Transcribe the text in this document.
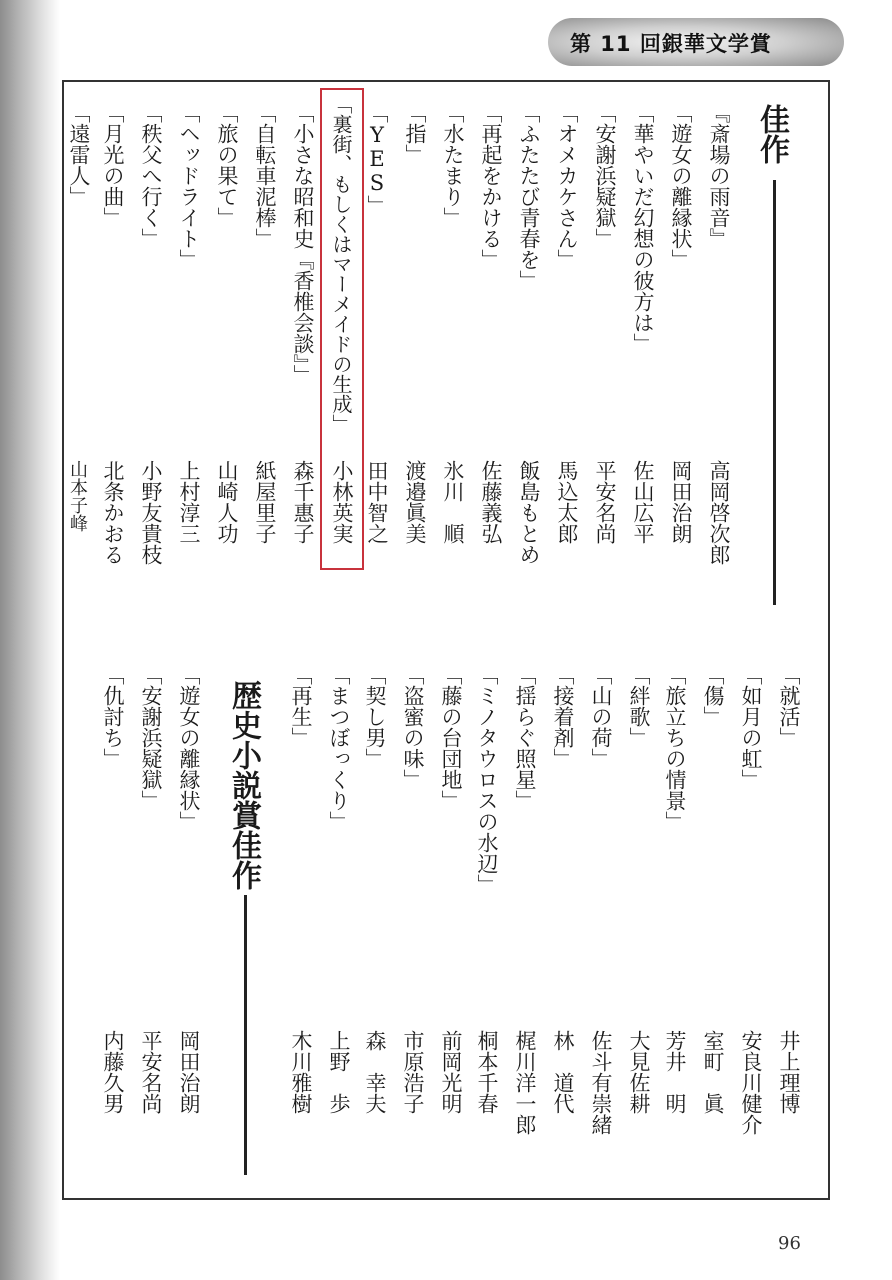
第 11 回銀華文学賞
佳作
『斎場の雨音』
高岡啓次郎
「遊女の離縁状」
岡田治朗
「華やいだ幻想の彼方は」
佐山広平
「安謝浜疑獄」
平安名尚
「オメカケさん」
馬込太郎
「ふたたび青春を」
飯島もとめ
「再起をかける」
佐藤義弘
「水たまり」
氷川　順
「指」
渡邉眞美
「YES」
田中智之
「裏街、もしくはマーメイドの生成」
小林英実
「小さな昭和史『香椎会談』」
森千惠子
「自転車泥棒」
紙屋里子
「旅の果て」
山崎人功
「ヘッドライト」
上村淳三
「秩父へ行く」
小野友貴枝
「月光の曲」
北条かおる
「遠雷人」
山本子峰
「就活」
井上理博
「如月の虹」
安良川健介
「傷」
室町　眞
「旅立ちの情景」
芳井　明
「絆歌」
大見佐耕
「山の荷」
佐斗有崇緒
「接着剤」
林　道代
「揺らぐ照星」
梶川洋一郎
「ミノタウロスの水辺」
桐本千春
「藤の台団地」
前岡光明
「盗蜜の味」
市原浩子
「契し男」
森　幸夫
「まつぼっくり」
上野　歩
「再生」
木川雅樹
歴史小説賞佳作
「遊女の離縁状」
岡田治朗
「安謝浜疑獄」
平安名尚
「仇討ち」
内藤久男
96
